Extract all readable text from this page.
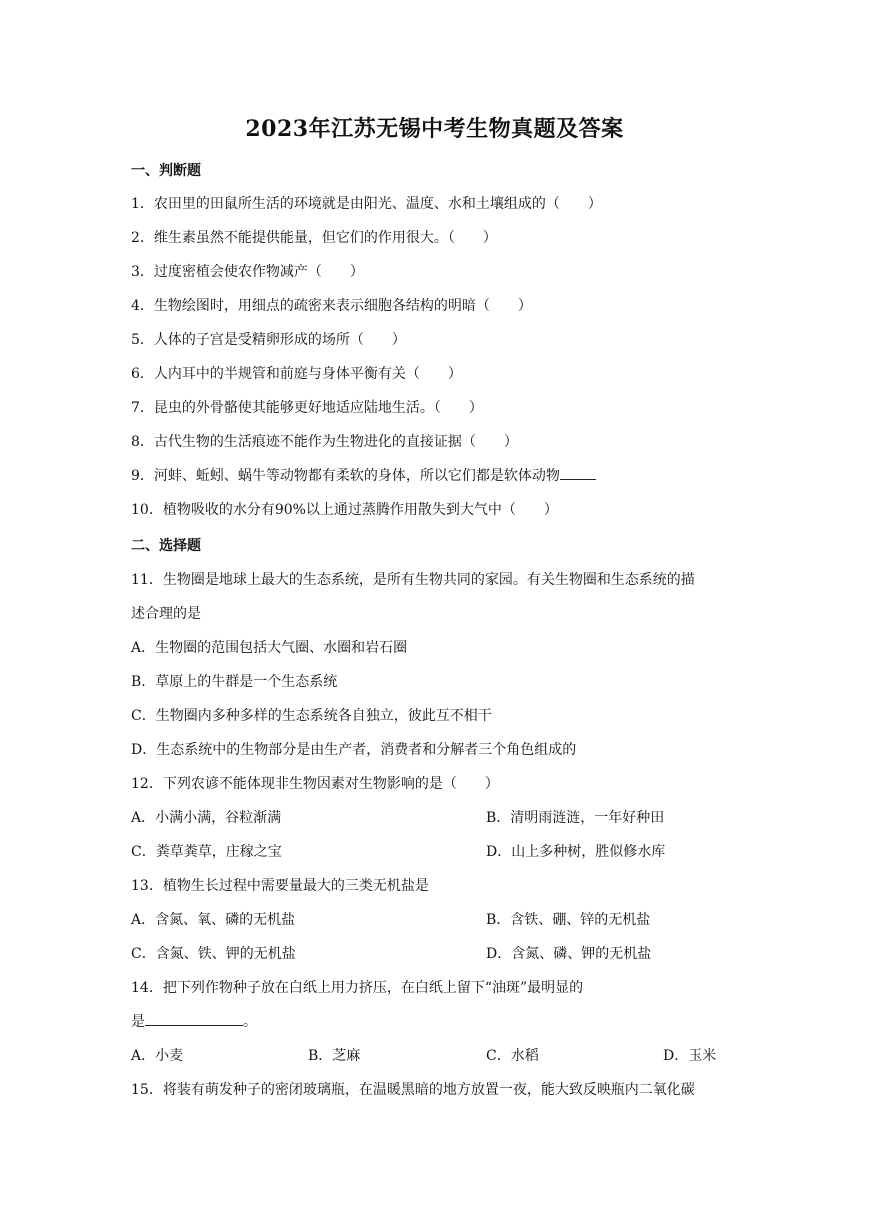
2023年江苏无锡中考生物真题及答案
一、判断题
1．农田里的田鼠所生活的环境就是由阳光、温度、水和土壤组成的（　　）
2．维生素虽然不能提供能量，但它们的作用很大。（　　）
3．过度密植会使农作物减产（　　）
4．生物绘图时，用细点的疏密来表示细胞各结构的明暗（　　）
5．人体的子宫是受精卵形成的场所（　　）
6．人内耳中的半规管和前庭与身体平衡有关（　　）
7．昆虫的外骨骼使其能够更好地适应陆地生活。（　　）
8．古代生物的生活痕迹不能作为生物进化的直接证据（　　）
9．河蚌、蚯蚓、蜗牛等动物都有柔软的身体，所以它们都是软体动物
10．植物吸收的水分有90%以上通过蒸腾作用散失到大气中（　　）
二、选择题
11．生物圈是地球上最大的生态系统，是所有生物共同的家园。有关生物圈和生态系统的描
述合理的是
A．生物圈的范围包括大气圈、水圈和岩石圈
B．草原上的牛群是一个生态系统
C．生物圈内多种多样的生态系统各自独立，彼此互不相干
D．生态系统中的生物部分是由生产者，消费者和分解者三个角色组成的
12．下列农谚不能体现非生物因素对生物影响的是（　　）
A．小满小满，谷粒渐满	B．清明雨涟涟，一年好种田
C．粪草粪草，庄稼之宝	D．山上多种树，胜似修水库
13．植物生长过程中需要量最大的三类无机盐是
A．含氮、氧、磷的无机盐	B．含铁、硼、锌的无机盐
C．含氮、铁、钾的无机盐	D．含氮、磷、钾的无机盐
14．把下列作物种子放在白纸上用力挤压，在白纸上留下“油斑”最明显的
是	。
A．小麦	B．芝麻	C．水稻	D．玉米
15．将装有萌发种子的密闭玻璃瓶，在温暖黑暗的地方放置一夜，能大致反映瓶内二氧化碳
